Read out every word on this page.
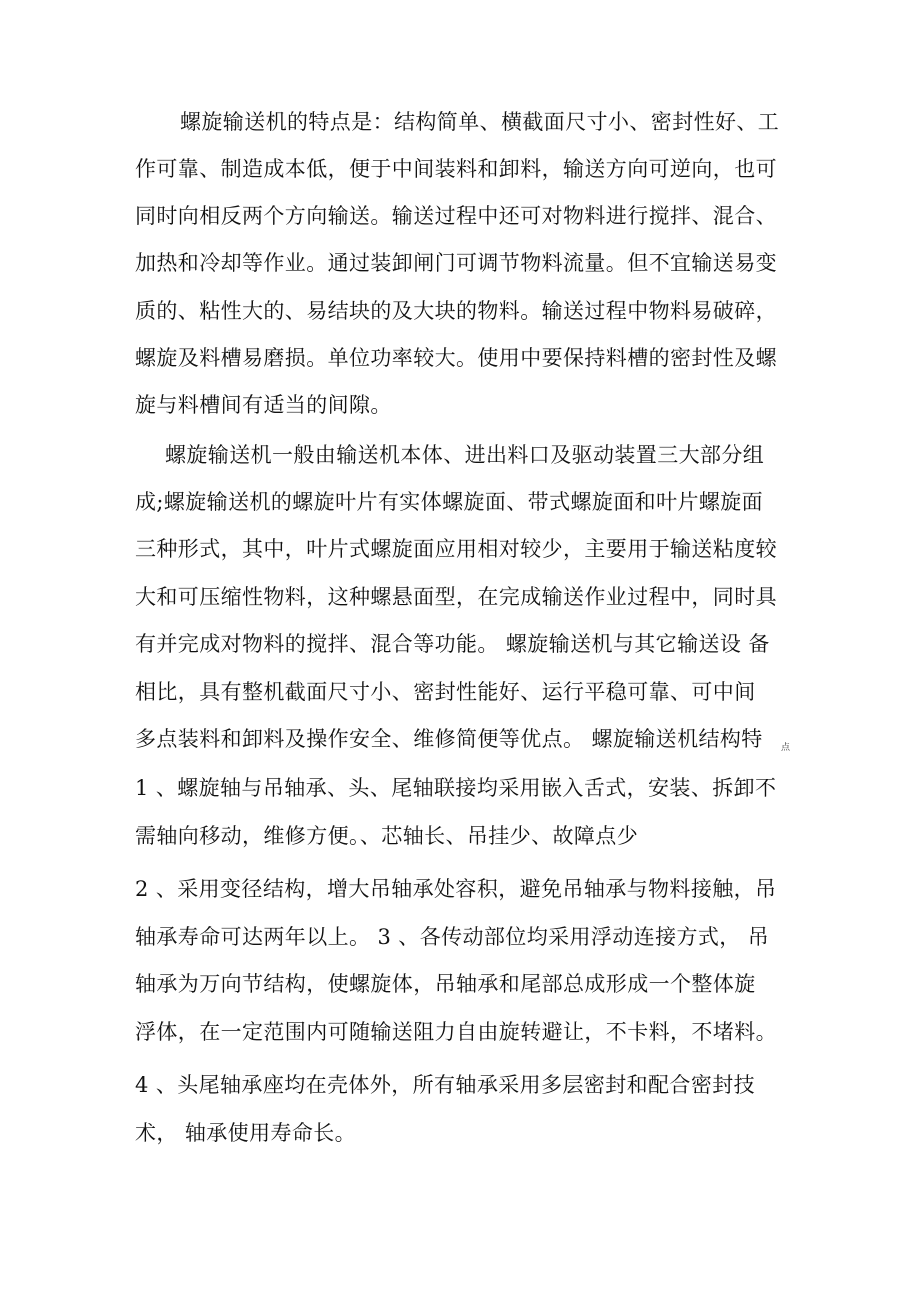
螺旋输送机的特点是：结构简单、横截面尺寸小、密封性好、工
作可靠、制造成本低，便于中间装料和卸料，输送方向可逆向，也可
同时向相反两个方向输送。输送过程中还可对物料进行搅拌、混合、
加热和冷却等作业。通过装卸闸门可调节物料流量。但不宜输送易变
质的、粘性大的、易结块的及大块的物料。输送过程中物料易破碎，
螺旋及料槽易磨损。单位功率较大。使用中要保持料槽的密封性及螺
旋与料槽间有适当的间隙。
螺旋输送机一般由输送机本体、进出料口及驱动装置三大部分组
成;螺旋输送机的螺旋叶片有实体螺旋面、带式螺旋面和叶片螺旋面
三种形式，其中，叶片式螺旋面应用相对较少，主要用于输送粘度较
大和可压缩性物料，这种螺悬面型，在完成输送作业过程中，同时具
有并完成对物料的搅拌、混合等功能。 螺旋输送机与其它输送设 备
相比，具有整机截面尺寸小、密封性能好、运行平稳可靠、可中间
多点装料和卸料及操作安全、维修简便等优点。 螺旋输送机结构特 点
1 、螺旋轴与吊轴承、头、尾轴联接均采用嵌入舌式，安装、拆卸不
需轴向移动，维修方便。、芯轴长、吊挂少、故障点少
2 、采用变径结构，增大吊轴承处容积，避免吊轴承与物料接触，吊
轴承寿命可达两年以上。 3 、各传动部位均采用浮动连接方式， 吊
轴承为万向节结构，使螺旋体，吊轴承和尾部总成形成一个整体旋
浮体，在一定范围内可随输送阻力自由旋转避让，不卡料，不堵料。
4 、头尾轴承座均在壳体外，所有轴承采用多层密封和配合密封技
术， 轴承使用寿命长。
